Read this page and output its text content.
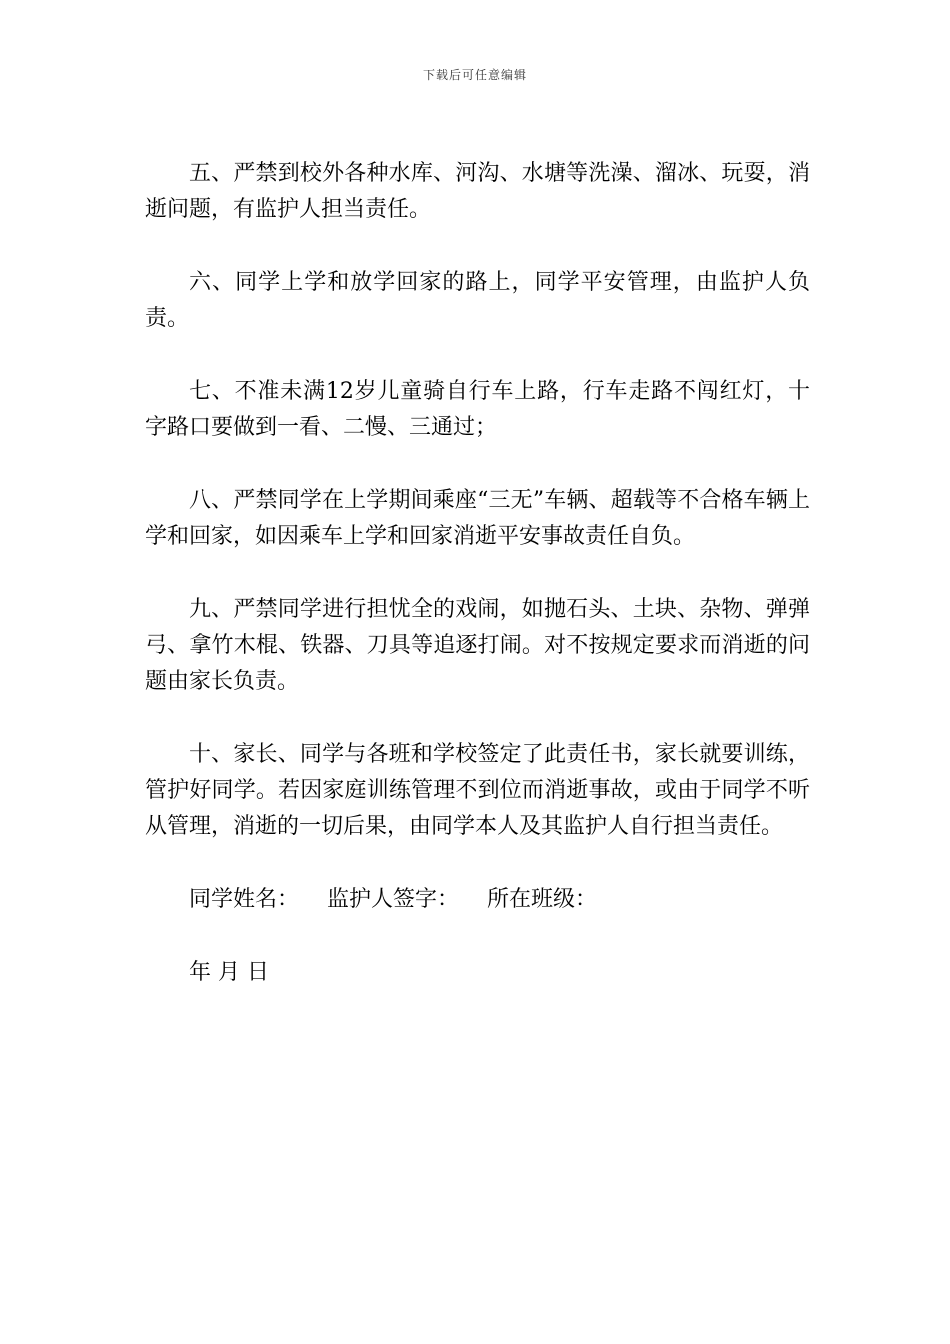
下载后可任意编辑

五、严禁到校外各种水库、河沟、水塘等洗澡、溜冰、玩耍，消逝问题，有监护人担当责任。

六、同学上学和放学回家的路上，同学平安管理，由监护人负责。

七、不准未满12岁儿童骑自行车上路，行车走路不闯红灯，十字路口要做到一看、二慢、三通过；

八、严禁同学在上学期间乘座“三无”车辆、超载等不合格车辆上学和回家，如因乘车上学和回家消逝平安事故责任自负。

九、严禁同学进行担忧全的戏闹，如抛石头、土块、杂物、弹弹弓、拿竹木棍、铁器、刀具等追逐打闹。对不按规定要求而消逝的问题由家长负责。

十、家长、同学与各班和学校签定了此责任书，家长就要训练，管护好同学。若因家庭训练管理不到位而消逝事故，或由于同学不听从管理，消逝的一切后果，由同学本人及其监护人自行担当责任。

同学姓名： 监护人签字： 所在班级：

年 月 日
